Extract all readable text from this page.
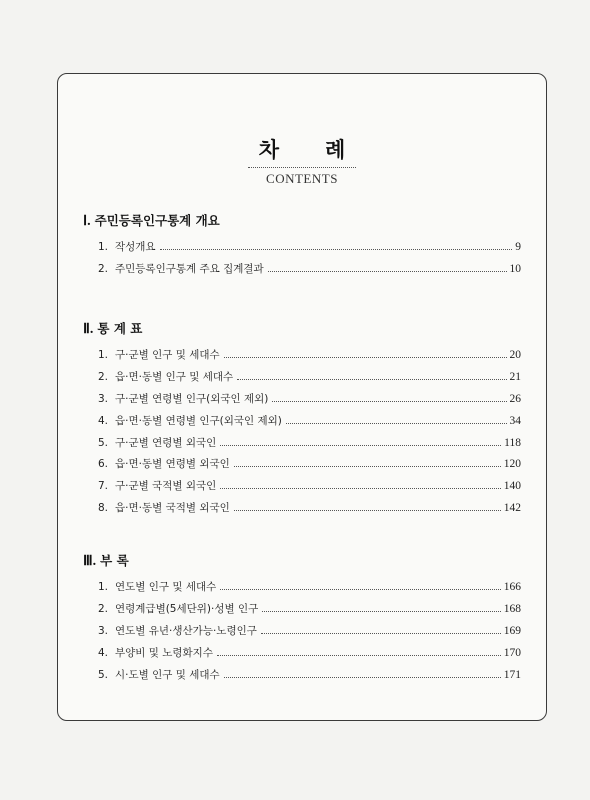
차례
CONTENTS
Ⅰ. 주민등록인구통계 개요
1. 작성개요	9
2. 주민등록인구통계 주요 집계결과	10
Ⅱ. 통 계 표
1. 구·군별 인구 및 세대수	20
2. 읍·면·동별 인구 및 세대수	21
3. 구·군별 연령별 인구(외국인 제외)	26
4. 읍·면·동별 연령별 인구(외국인 제외)	34
5. 구·군별 연령별 외국인	118
6. 읍·면·동별 연령별 외국인	120
7. 구·군별 국적별 외국인	140
8. 읍·면·동별 국적별 외국인	142
Ⅲ. 부 록
1. 연도별 인구 및 세대수	166
2. 연령계급별(5세단위)·성별 인구	168
3. 연도별 유년·생산가능·노령인구	169
4. 부양비 및 노령화지수	170
5. 시·도별 인구 및 세대수	171
